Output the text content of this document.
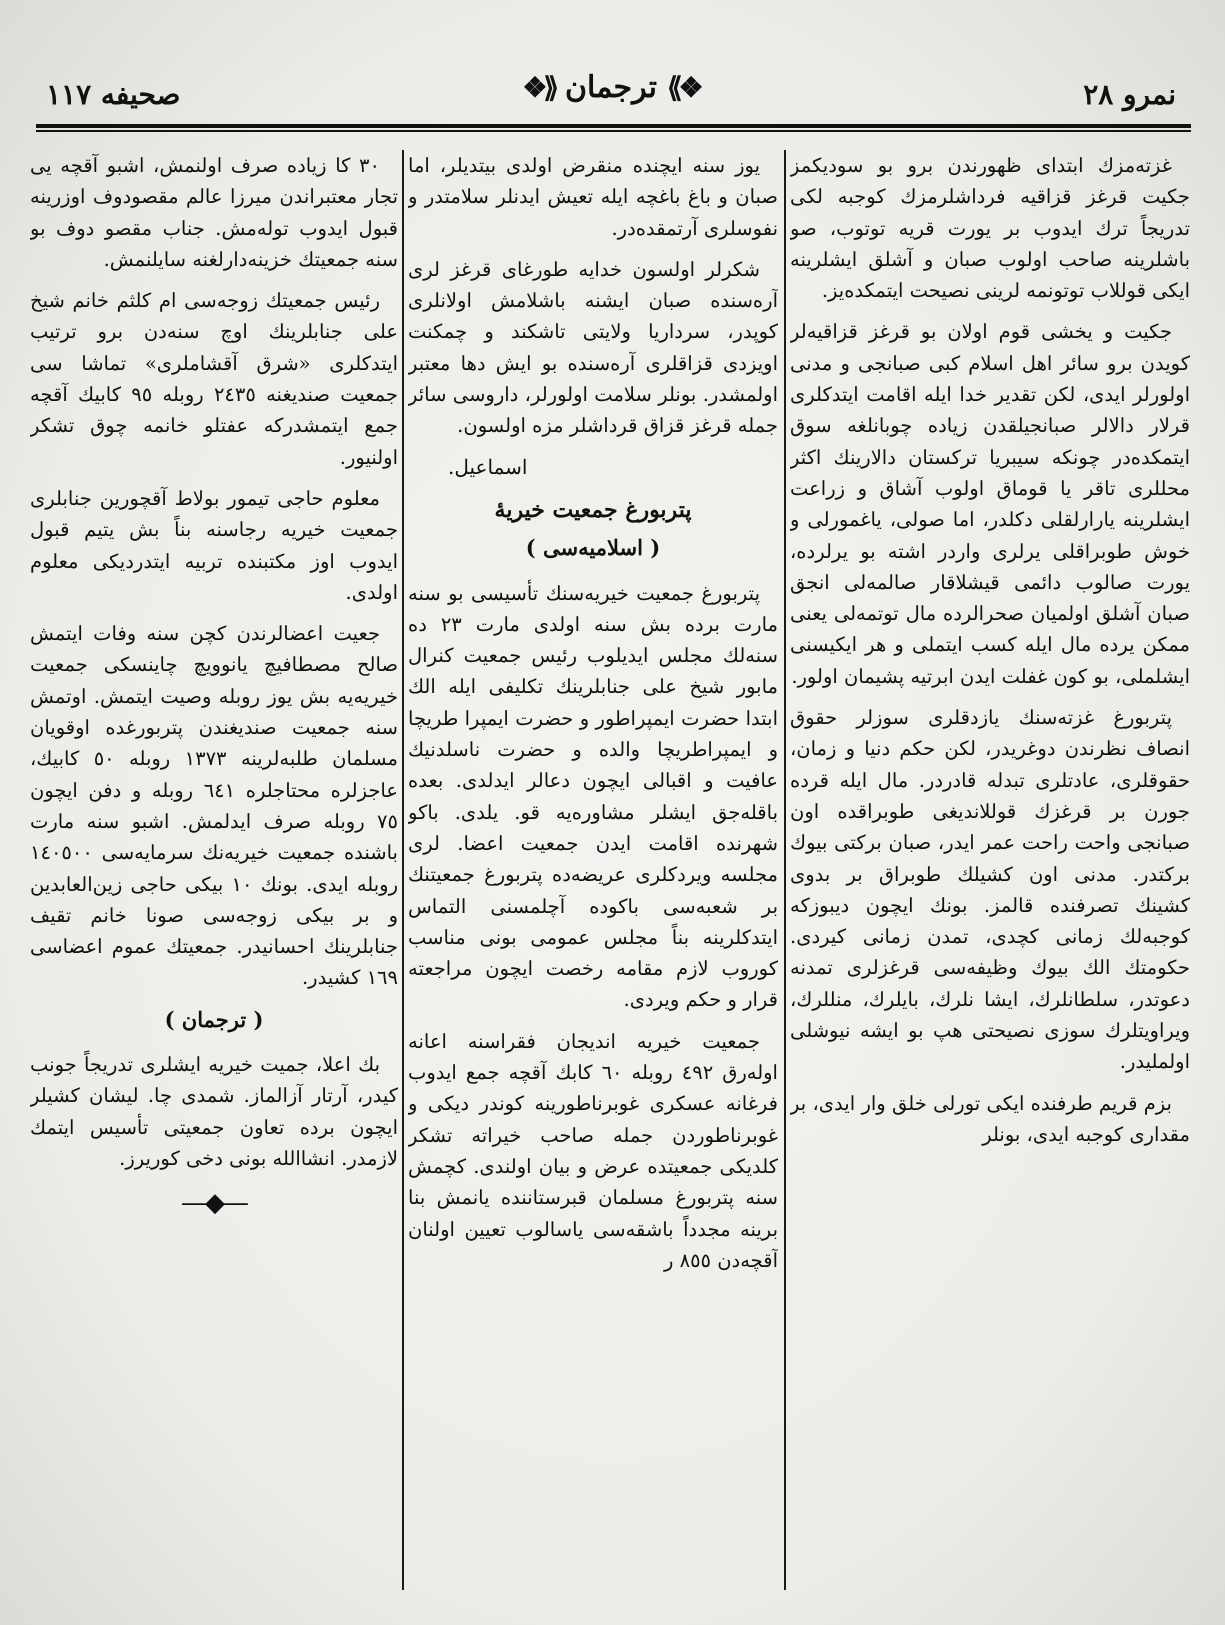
نمرو ٢٨
❖⟫
ترجمان
⟪❖
صحيفه ١١٧

غزته‌مزك ابتداى ظهورندن برو بو سوديكمز جكيت قرغز قزاقيه فرداشلرمزك كوجبه لكى تدريجاً ترك ايدوب بر يورت قريه توتوب، صو باشلرينه صاحب اولوب صبان و آشلق ايشلرينه ايكى قوللاب توتونمه لرينى نصيحت ايتمكده‌يز.

جكيت و يخشى قوم اولان بو قرغز قزاقيه‌لر كويدن برو سائر اهل اسلام كبى صبانجى و مدنى اولورلر ايدى، لكن تقدير خدا ايله اقامت ايتدكلرى قرلار دالالر صبانجيلقدن زياده چوبانلغه سوق ايتمكده‌در چونكه سيبريا تركستان دالارينك اكثر محللرى تاقر يا قوماق اولوب آشاق و زراعت ايشلرينه يارارلقلى دكلدر، اما صولى، ياغمورلى و خوش طوبراقلى يرلرى واردر اشته بو يرلرده، يورت صالوب دائمى قيشلاقار صالمه‌لى انجق صبان آشلق اولميان صحرالرده مال توتمه‌لى يعنى ممكن يرده مال ايله كسب ايتملى و هر ايكيسنى ايشلملى، بو كون غفلت ايدن ابرتيه پشيمان اولور.

پتربورغ غزته‌سنك يازدقلرى سوزلر حقوق انصاف نظرندن دوغريدر، لكن حكم دنيا و زمان، حقوقلرى، عادتلرى تبدله قادردر. مال ايله قرده جورن بر قرغزك قوللانديغى طوبراقده اون صبانجى واحت راحت عمر ايدر، صبان بركتى بيوك بركتدر. مدنى اون كشيلك طوبراق بر بدوى كشينك تصرفنده قالمز. بونك ايچون ديبوزكه كوجبه‌لك زمانى كچدى، تمدن زمانى كيردى. حكومتك الك بيوك وظيفه‌سى قرغزلرى تمدنه دعوتدر، سلطانلرك، ايشا نلرك، بايلرك، منللرك، ويراويتلرك سوزى نصيحتى هپ بو ايشه نيوشلى اولمليدر.

بزم قريم طرفنده ايكى تورلى خلق وار ايدى، بر مقدارى كوجبه ايدى، بونلر

يوز سنه ايچنده منقرض اولدى بيتديلر، اما صبان و باغ باغچه ايله تعيش ايدنلر سلامتدر و نفوسلرى آرتمقده‌در.

شكرلر اولسون خدايه طورغاى قرغز لرى آره‌سنده صبان ايشنه باشلامش اولانلرى كوپدر، سرداريا ولايتى تاشكند و چمكنت اويزدى قزاقلرى آره‌سنده بو ايش دها معتبر اولمشدر. بونلر سلامت اولورلر، داروسى سائر جمله قرغز قزاق قرداشلر مزه اولسون.

اسماعيل.
پتربورغ جمعيت خيريهٔ
( اسلاميه‌سى )

پتربورغ جمعيت خيريه‌سنك تأسيسى بو سنه مارت برده بش سنه اولدى مارت ٢٣ ده سنه‌لك مجلس ايديلوب رئيس جمعيت كنرال مابور شيخ على جنابلرينك تكليفى ايله الك ابتدا حضرت ايمپراطور و حضرت ايمپرا طريچا و ايمپراطريچا والده و حضرت ناسلدنيك عافيت و اقبالى ايچون دعالر ايدلدى. بعده باقله‌جق ايشلر مشاوره‌يه قو. يلدى. باكو شهرنده اقامت ايدن جمعيت اعضا. لرى مجلسه ويردكلرى عريضه‌ده پتربورغ جمعيتنك بر شعبه‌سى باكوده آچلمسنى التماس ايتدكلرينه بناً مجلس عمومى بونى مناسب كوروب لازم مقامه رخصت ايچون مراجعته قرار و حكم ويردى.

جمعيت خيريه اندیجان فقراسنه اعانه اوله‌رق ٤٩٢ روبله ٦٠ كابك آقچه جمع ايدوب فرغانه عسكرى غوبرناطورينه كوندر ديكى و غوبرناطوردن جمله صاحب خيراته تشكر كلديكى جمعيتده عرض و بيان اولندى. كچمش سنه پتربورغ مسلمان قبرستاننده يانمش بنا برينه مجدداً باشقه‌سى ياسالوب تعيين اولنان آقچه‌دن ٨٥٥ ر

٣٠ كا زياده صرف اولنمش، اشبو آقچه يى تجار معتبراندن ميرزا عالم مقصودوف اوزرينه قبول ايدوب توله‌مش. جناب مقصو دوف بو سنه جمعيتك خزينه‌دارلغنه سايلنمش.

رئيس جمعيتك زوجه‌سى ام كلثم خانم شيخ على جنابلرينك اوچ سنه‌دن برو ترتيب ايتدكلرى «شرق آقشاملرى» تماشا سى جمعيت صنديغنه ٢٤٣٥ روبله ٩٥ كابيك آقچه جمع ايتمشدركه عفتلو خانمه چوق تشكر اولنيور.

معلوم حاجى تيمور بولاط آقچورين جنابلرى جمعيت خيريه رجاسنه بناً بش يتيم قبول ايدوب اوز مكتبنده تربيه ايتدرديكى معلوم اولدى.

جعيت اعضالرندن كچن سنه وفات ايتمش صالح مصطافيچ يانوويچ چاينسكى جمعيت خيريه‌يه بش يوز روبله وصيت ايتمش. اوتمش سنه جمعيت صنديغندن پتربورغده اوقويان مسلمان طلبه‌لرينه ١٣٧٣ روبله ٥٠ كابيك، عاجزلره محتاجلره ٦٤١ روبله و دفن ايچون ٧٥ روبله صرف ايدلمش. اشبو سنه مارت باشنده جمعيت خيريه‌نك سرمايه‌سى ١٤٠٥٠٠ روبله ايدى. بونك ١٠ بيكى حاجى زين‌العابدين و بر بيكى زوجه‌سى صونا خانم تقيف جنابلرينك احسانيدر. جمعيتك عموم اعضاسى ١٦٩ كشيدر.

( ترجمان )

بك اعلا، جميت خيريه ايشلرى تدريجاً جونب كيدر، آرتار آزالماز. شمدى چا. ليشان كشيلر ايچون برده تعاون جمعيتى تأسيس ايتمك لازمدر. انشاالله بونى دخى كوريرز.

—◆—
